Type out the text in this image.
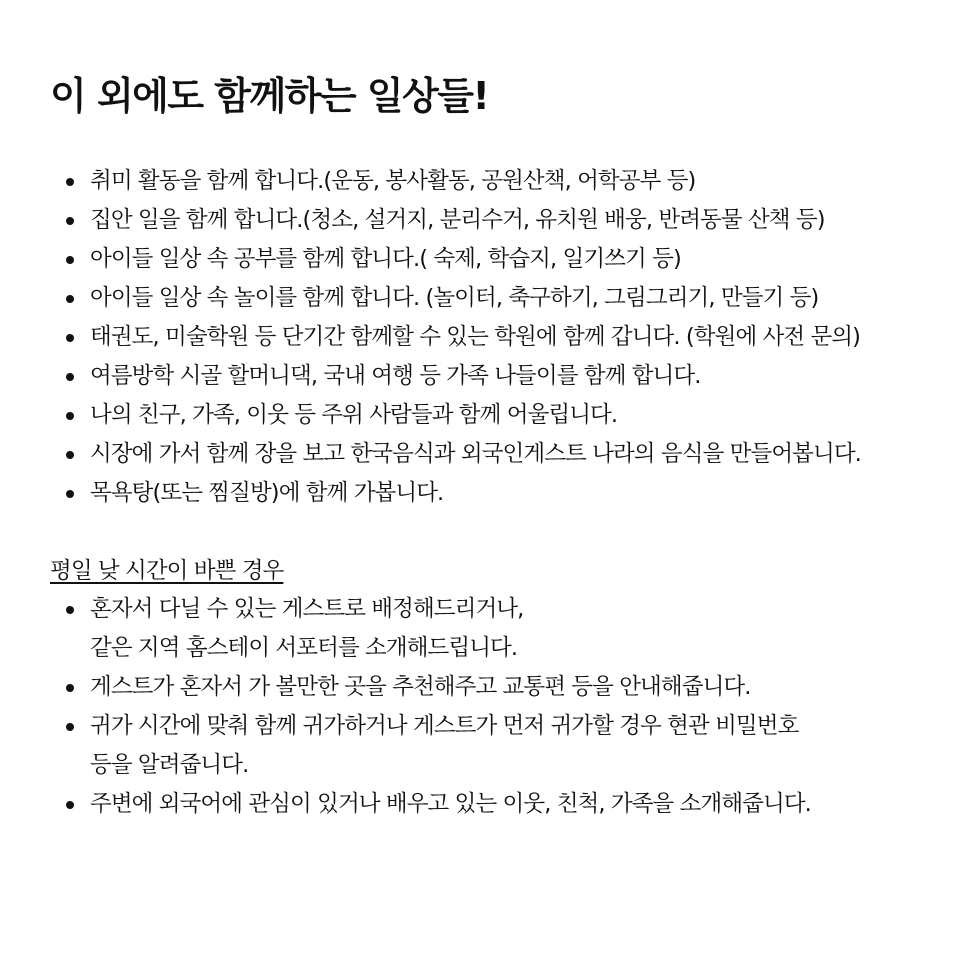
이 외에도 함께하는 일상들!
취미 활동을 함께 합니다.(운동, 봉사활동, 공원산책, 어학공부 등)
집안 일을 함께 합니다.(청소, 설거지, 분리수거, 유치원 배웅, 반려동물 산책 등)
아이들 일상 속 공부를 함께 합니다.( 숙제, 학습지, 일기쓰기 등)
아이들 일상 속 놀이를 함께 합니다. (놀이터, 축구하기, 그림그리기, 만들기 등)
태권도, 미술학원 등 단기간 함께할 수 있는 학원에 함께 갑니다. (학원에 사전 문의)
여름방학 시골 할머니댁, 국내 여행 등 가족 나들이를 함께 합니다.
나의 친구, 가족, 이웃 등 주위 사람들과 함께 어울립니다.
시장에 가서 함께 장을 보고 한국음식과 외국인게스트 나라의 음식을 만들어봅니다.
목욕탕(또는 찜질방)에 함께 가봅니다.
평일 낮 시간이 바쁜 경우
혼자서 다닐 수 있는 게스트로 배정해드리거나,
같은 지역 홈스테이 서포터를 소개해드립니다.
게스트가 혼자서 가 볼만한 곳을 추천해주고 교통편 등을 안내해줍니다.
귀가 시간에 맞춰 함께 귀가하거나 게스트가 먼저 귀가할 경우 현관 비밀번호
등을 알려줍니다.
주변에 외국어에 관심이 있거나 배우고 있는 이웃, 친척, 가족을 소개해줍니다.
